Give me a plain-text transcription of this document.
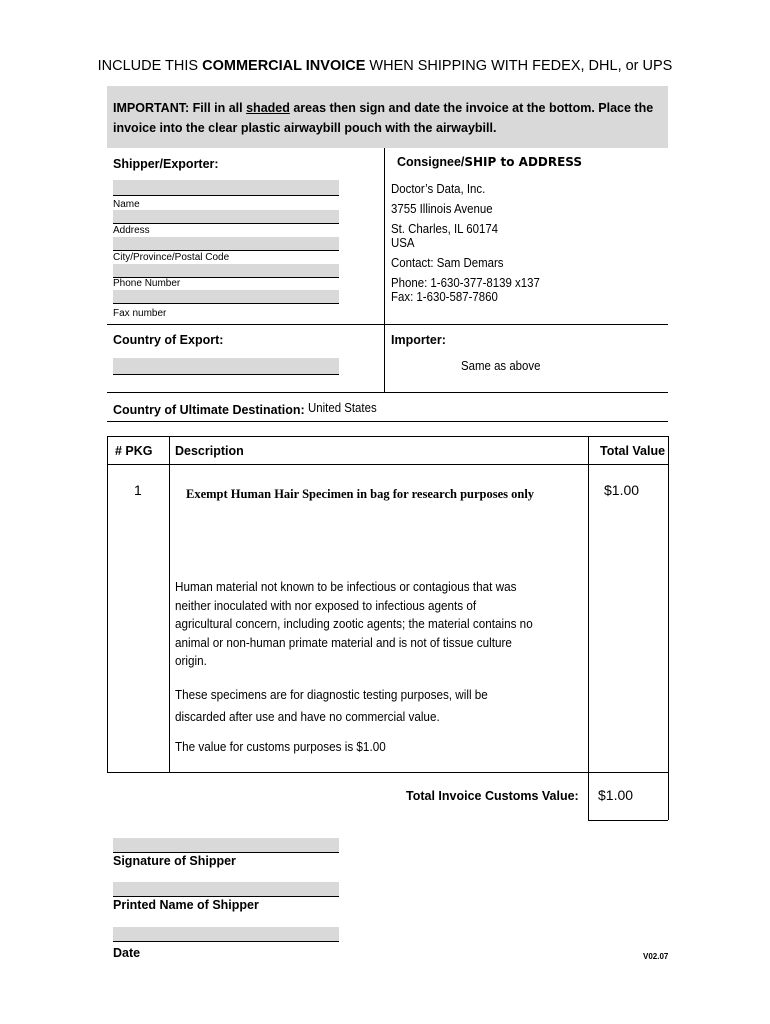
INCLUDE THIS COMMERCIAL INVOICE WHEN SHIPPING WITH FEDEX, DHL, or UPS
IMPORTANT: Fill in all shaded areas then sign and date the invoice at the bottom. Place the
invoice into the clear plastic airwaybill pouch with the airwaybill.
Shipper/Exporter:
Name
Address
City/Province/Postal Code
Phone Number
Fax number
Consignee/SHIP to ADDRESS
Doctor’s Data, Inc.
3755 Illinois Avenue
St. Charles, IL 60174
USA
Contact: Sam Demars
Phone: 1-630-377-8139 x137
Fax: 1-630-587-7860
Country of Export:	Importer:
Same as above
Country of Ultimate Destination: United States
# PKG Description	Total Value
1	Exempt Human Hair Specimen in bag for research purposes only	$1.00
Human material not known to be infectious or contagious that was
neither inoculated with nor exposed to infectious agents of
agricultural concern, including zootic agents; the material contains no
animal or non-human primate material and is not of tissue culture
origin.
These specimens are for diagnostic testing purposes, will be
discarded after use and have no commercial value.
The value for customs purposes is $1.00
Total Invoice Customs Value: $1.00
Signature of Shipper
Printed Name of Shipper
Date	V02.07
